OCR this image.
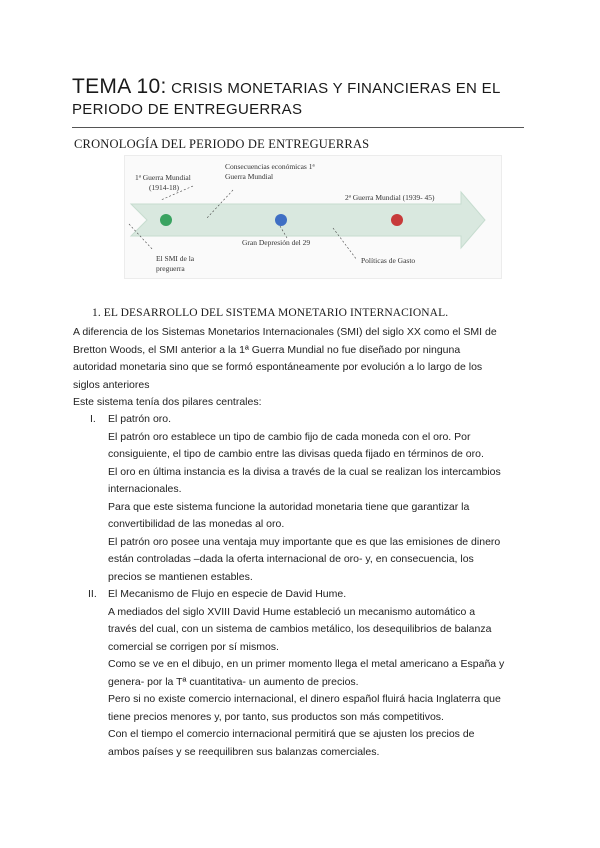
TEMA 10: CRISIS MONETARIAS Y FINANCIERAS EN EL
PERIODO DE ENTREGUERRAS
CRONOLOGÍA DEL PERIODO DE ENTREGUERRAS
1ª Guerra Mundial
(1914-18)
Consecuencias económicas 1ª
Guerra Mundial
2ª Guerra Mundial (1939- 45)
El SMI de la
preguerra
Gran Depresión del 29
Políticas de Gasto
1. EL DESARROLLO DEL SISTEMA MONETARIO INTERNACIONAL.
A diferencia de los Sistemas Monetarios Internacionales (SMI) del siglo XX como el SMI de
Bretton Woods, el SMI anterior a la 1ª Guerra Mundial no fue diseñado por ninguna
autoridad monetaria sino que se formó espontáneamente por evolución a lo largo de los
siglos anteriores
Este sistema tenía dos pilares centrales:
I. El patrón oro.
El patrón oro establece un tipo de cambio fijo de cada moneda con el oro. Por
consiguiente, el tipo de cambio entre las divisas queda fijado en términos de oro.
El oro en última instancia es la divisa a través de la cual se realizan los intercambios
internacionales.
Para que este sistema funcione la autoridad monetaria tiene que garantizar la
convertibilidad de las monedas al oro.
El patrón oro posee una ventaja muy importante que es que las emisiones de dinero
están controladas –dada la oferta internacional de oro- y, en consecuencia, los
precios se mantienen estables.
II. El Mecanismo de Flujo en especie de David Hume.
A mediados del siglo XVIII David Hume estableció un mecanismo automático a
través del cual, con un sistema de cambios metálico, los desequilibrios de balanza
comercial se corrigen por sí mismos.
Como se ve en el dibujo, en un primer momento llega el metal americano a España y
genera- por la Tª cuantitativa- un aumento de precios.
Pero si no existe comercio internacional, el dinero español fluirá hacia Inglaterra que
tiene precios menores y, por tanto, sus productos son más competitivos.
Con el tiempo el comercio internacional permitirá que se ajusten los precios de
ambos países y se reequilibren sus balanzas comerciales.
